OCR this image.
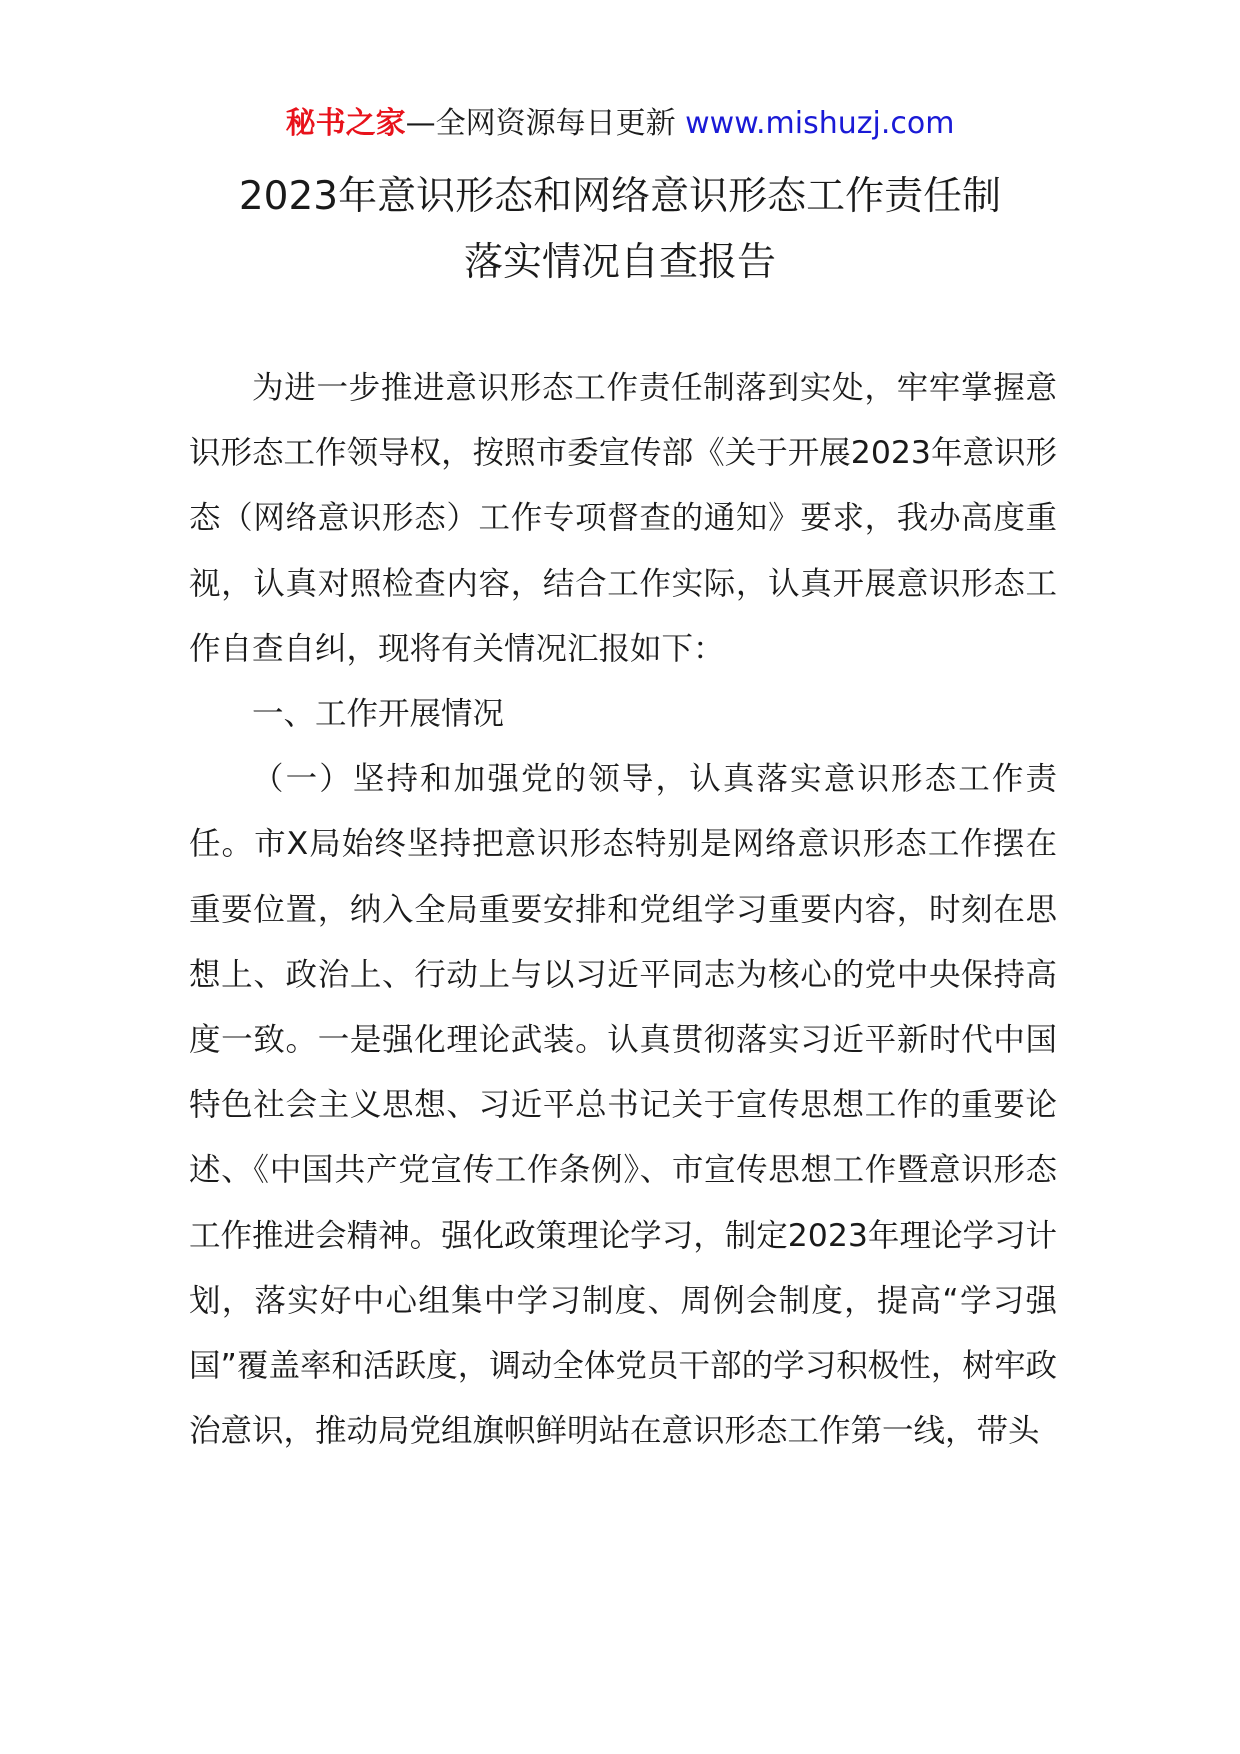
秘书之家—全网资源每日更新 www.mishuzj.com
2023年意识形态和网络意识形态工作责任制
落实情况自查报告

为进一步推进意识形态工作责任制落到实处，牢牢掌握意识形态工作领导权，按照市委宣传部《关于开展2023年意识形态（网络意识形态）工作专项督查的通知》要求，我办高度重视，认真对照检查内容，结合工作实际，认真开展意识形态工作自查自纠，现将有关情况汇报如下：

一、工作开展情况

（一）坚持和加强党的领导，认真落实意识形态工作责任。市X局始终坚持把意识形态特别是网络意识形态工作摆在重要位置，纳入全局重要安排和党组学习重要内容，时刻在思想上、政治上、行动上与以习近平同志为核心的党中央保持高度一致。一是强化理论武装。认真贯彻落实习近平新时代中国特色社会主义思想、习近平总书记关于宣传思想工作的重要论述、《中国共产党宣传工作条例》、市宣传思想工作暨意识形态工作推进会精神。强化政策理论学习，制定2023年理论学习计划，落实好中心组集中学习制度、周例会制度，提高“学习强国”覆盖率和活跃度，调动全体党员干部的学习积极性，树牢政治意识，推动局党组旗帜鲜明站在意识形态工作第一线，带头
